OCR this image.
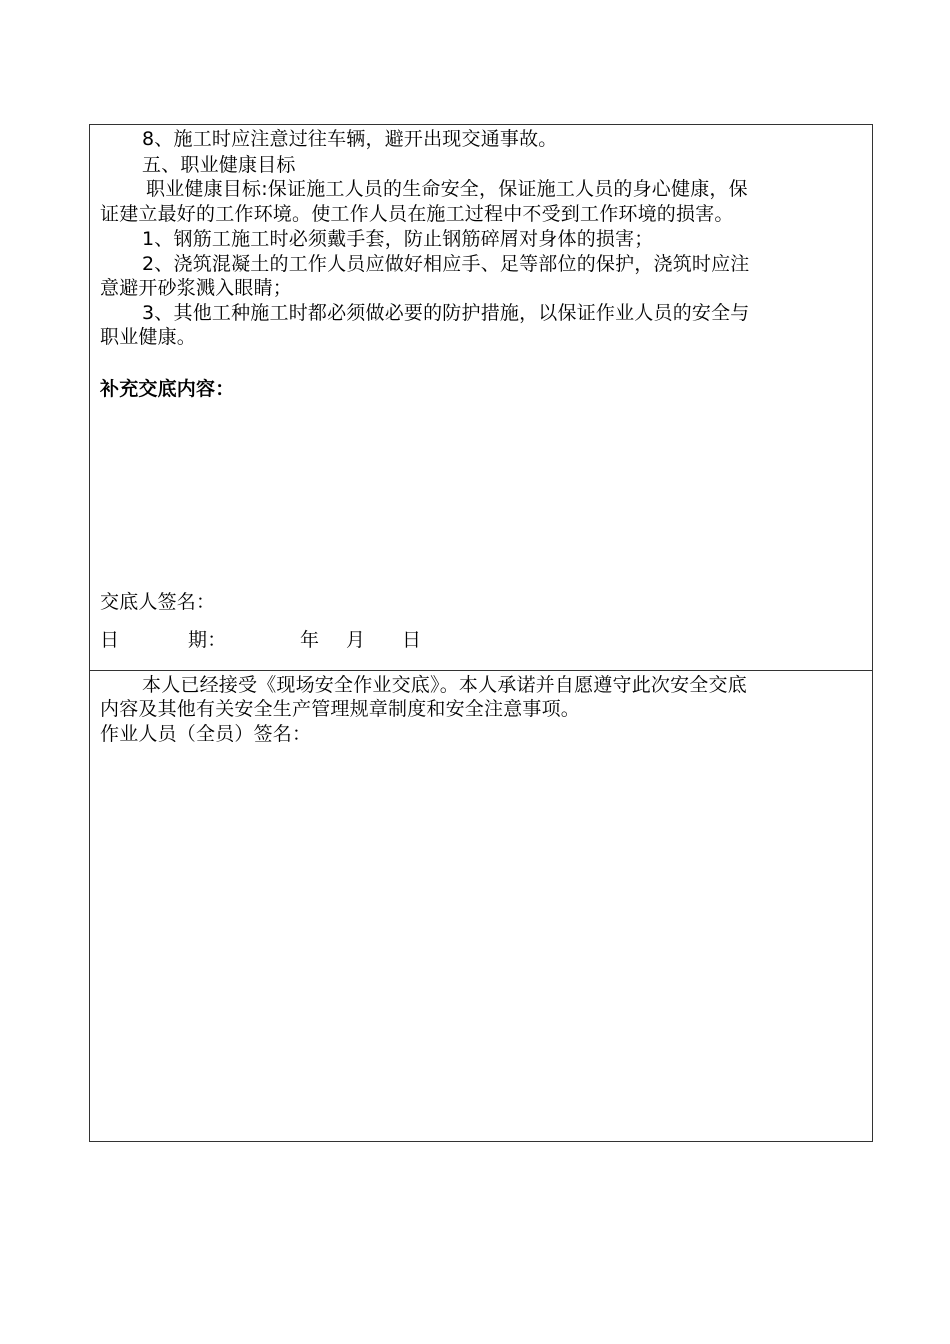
8、施工时应注意过往车辆，避开出现交通事故。
五、职业健康目标
职业健康目标:保证施工人员的生命安全，保证施工人员的身心健康，保
证建立最好的工作环境。使工作人员在施工过程中不受到工作环境的损害。
1、钢筋工施工时必须戴手套，防止钢筋碎屑对身体的损害；
2、浇筑混凝土的工作人员应做好相应手、足等部位的保护，浇筑时应注
意避开砂浆溅入眼睛；
3、其他工种施工时都必须做必要的防护措施，以保证作业人员的安全与
职业健康。
补充交底内容：
交底人签名：
日	期：	年 月 日
本人已经接受《现场安全作业交底》。本人承诺并自愿遵守此次安全交底
内容及其他有关安全生产管理规章制度和安全注意事项。
作业人员（全员）签名：
